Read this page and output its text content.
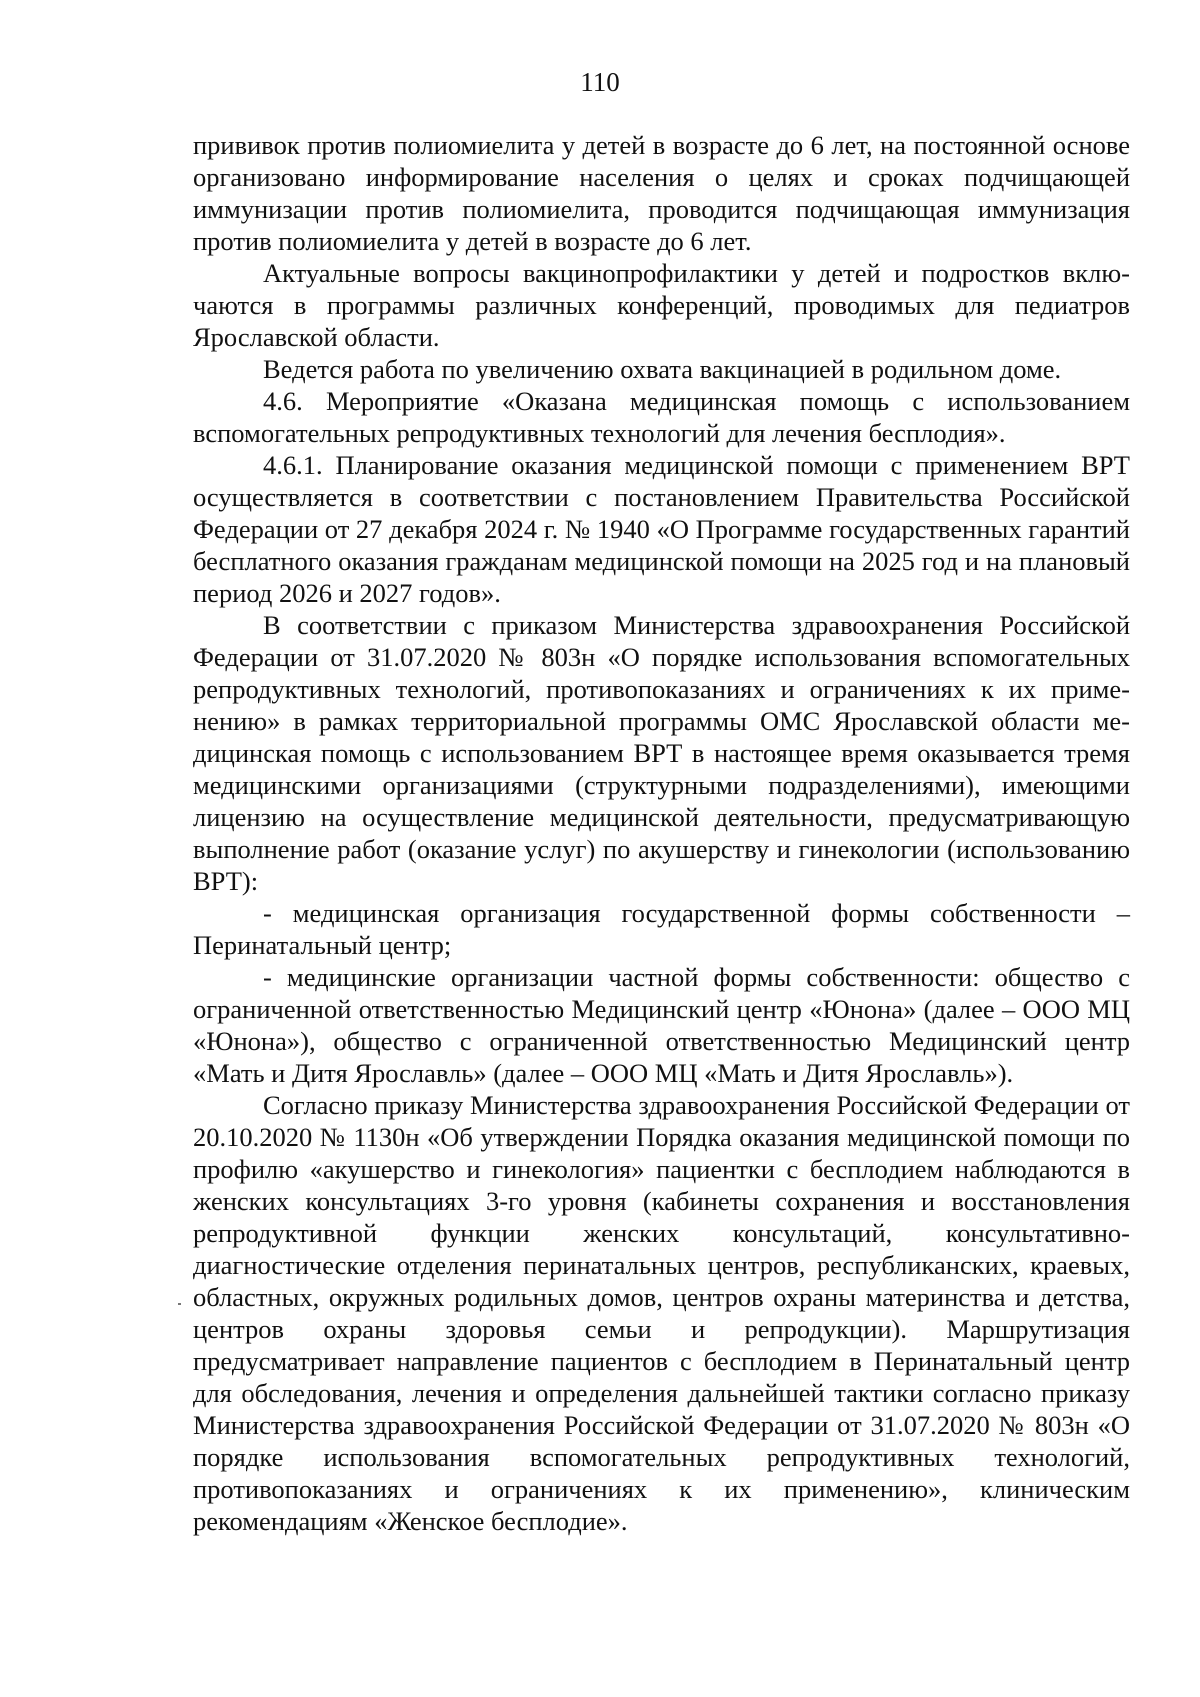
110

прививок против полиомиелита у детей в возрасте до 6 лет, на постоянной основе организовано информирование населения о целях и сроках подчищающей иммунизации против полиомиелита, проводится подчищающая иммунизация против полиомиелита у детей в возрасте до 6 лет.

Актуальные вопросы вакцинопрофилактики у детей и подростков включаются в программы различных конференций, проводимых для педиатров Ярославской области.

Ведется работа по увеличению охвата вакцинацией в родильном доме.

4.6. Мероприятие «Оказана медицинская помощь с использованием вспомогательных репродуктивных технологий для лечения бесплодия».

4.6.1. Планирование оказания медицинской помощи с применением ВРТ осуществляется в соответствии с постановлением Правительства Российской Федерации от 27 декабря 2024 г. № 1940 «О Программе государственных гарантий бесплатного оказания гражданам медицинской помощи на 2025 год и на плановый период 2026 и 2027 годов».

В соответствии с приказом Министерства здравоохранения Российской Федерации от 31.07.2020 № 803н «О порядке использования вспомогательных репродуктивных технологий, противопоказаниях и ограничениях к их применению» в рамках территориальной программы ОМС Ярославской области медицинская помощь с использованием ВРТ в настоящее время оказывается тремя медицинскими организациями (структурными подразделениями), имеющими лицензию на осуществление медицинской деятельности, предусматривающую выполнение работ (оказание услуг) по акушерству и гинекологии (использованию ВРТ):

- медицинская организация государственной формы собственности – Перинатальный центр;

- медицинские организации частной формы собственности: общество с ограниченной ответственностью Медицинский центр «Юнона» (далее – ООО МЦ «Юнона»), общество с ограниченной ответственностью Медицинский центр «Мать и Дитя Ярославль» (далее – ООО МЦ «Мать и Дитя Ярославль»).

Согласно приказу Министерства здравоохранения Российской Федерации от 20.10.2020 № 1130н «Об утверждении Порядка оказания медицинской помощи по профилю «акушерство и гинекология» пациентки с бесплодием наблюдаются в женских консультациях 3-го уровня (кабинеты сохранения и восстановления репродуктивной функции женских консультаций, консультативно-диагностические отделения перинатальных центров, республиканских, краевых, областных, окружных родильных домов, центров охраны материнства и детства, центров охраны здоровья семьи и репродукции). Маршрутизация предусматривает направление пациентов с бесплодием в Перинатальный центр для обследования, лечения и определения дальнейшей тактики согласно приказу Министерства здравоохранения Российской Федерации от 31.07.2020 № 803н «О порядке использования вспомогательных репродуктивных технологий, противопоказаниях и ограничениях к их применению», клиническим рекомендациям «Женское бесплодие».
